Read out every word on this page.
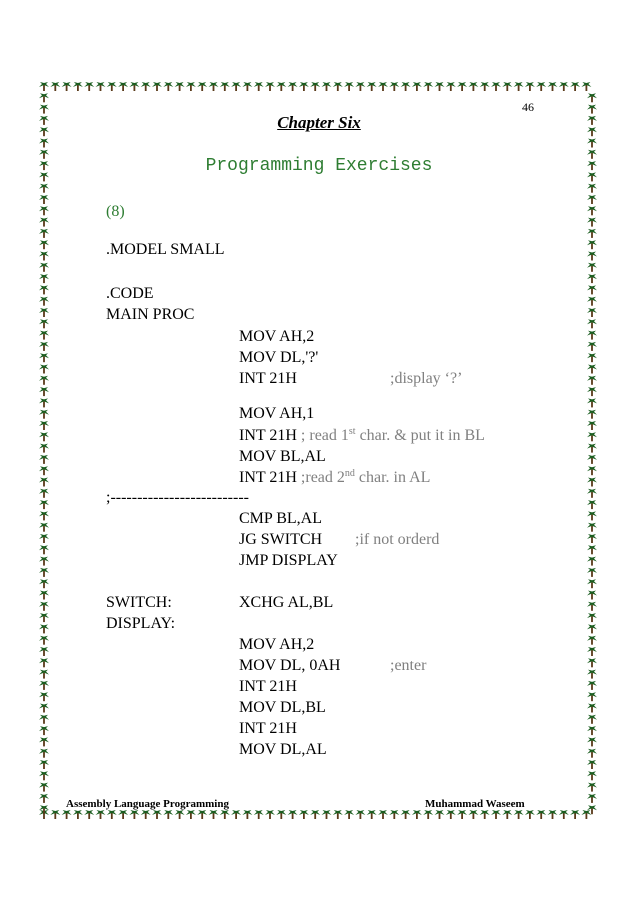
46
Chapter Six
Programming Exercises
(8)
.MODEL SMALL
.CODE
MAIN PROC
MOV AH,2
MOV DL,'?'
INT 21H	;display ‘?’
MOV AH,1
INT 21H ; read 1st char. & put it in BL
MOV BL,AL
INT 21H ;read 2nd char. in AL
;--------------------------
CMP BL,AL
JG SWITCH ;if not orderd
JMP DISPLAY
SWITCH:	XCHG AL,BL
DISPLAY:
MOV AH,2
MOV DL, 0AH	;enter
INT 21H
MOV DL,BL
INT 21H
MOV DL,AL
Assembly Language Programming	Muhammad Waseem
